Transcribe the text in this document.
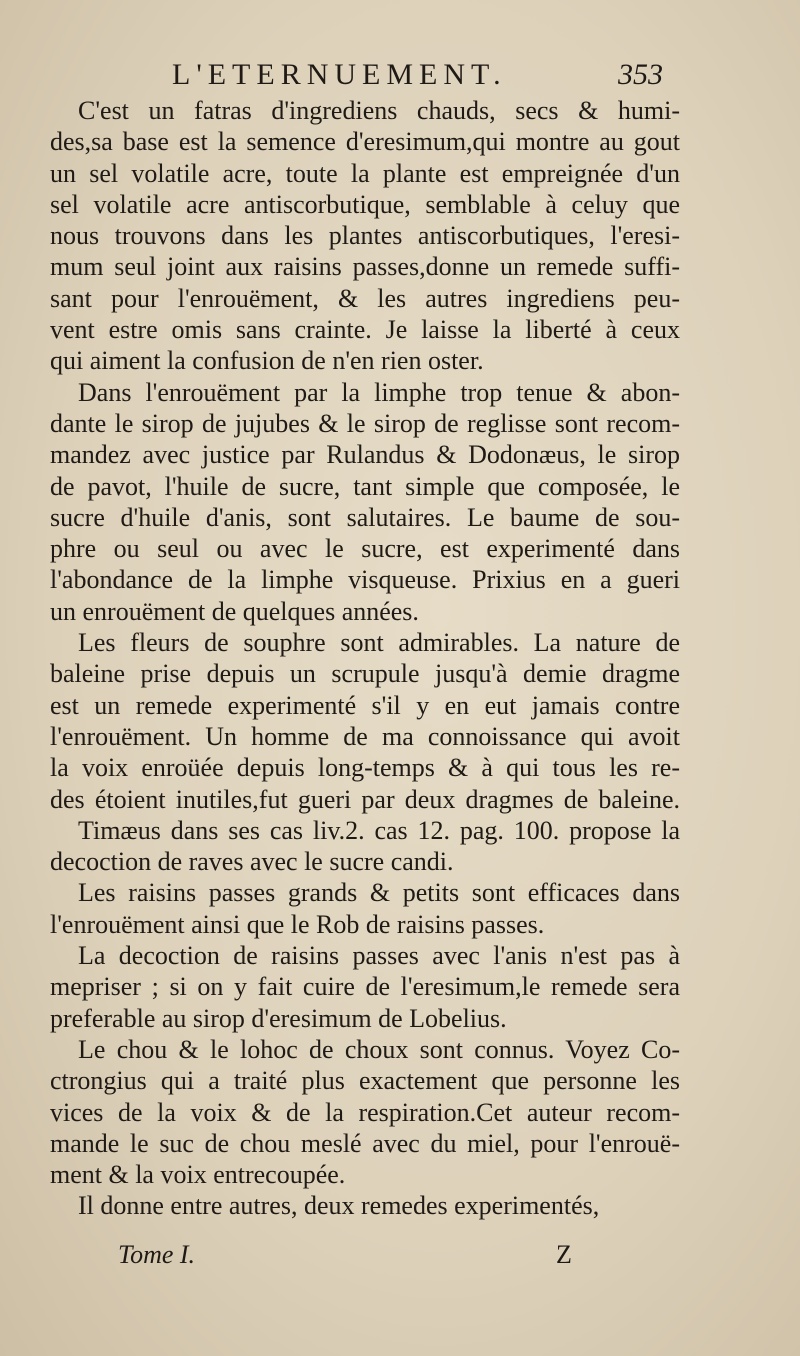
L'ETERNUEMENT.	353
C'est un fatras d'ingrediens chauds, secs & humi-
des,sa base est la semence d'eresimum,qui montre au gout
un sel volatile acre, toute la plante est empreignée d'un
sel volatile acre antiscorbutique, semblable à celuy que
nous trouvons dans les plantes antiscorbutiques, l'eresi-
mum seul joint aux raisins passes,donne un remede suffi-
sant pour l'enrouëment, & les autres ingrediens peu-
vent estre omis sans crainte. Je laisse la liberté à ceux
qui aiment la confusion de n'en rien oster.
Dans l'enrouëment par la limphe trop tenue & abon-
dante le sirop de jujubes & le sirop de reglisse sont recom-
mandez avec justice par Rulandus & Dodonæus, le sirop
de pavot, l'huile de sucre, tant simple que composée, le
sucre d'huile d'anis, sont salutaires. Le baume de sou-
phre ou seul ou avec le sucre, est experimenté dans
l'abondance de la limphe visqueuse. Prixius en a gueri
un enrouëment de quelques années.
Les fleurs de souphre sont admirables. La nature de
baleine prise depuis un scrupule jusqu'à demie dragme
est un remede experimenté s'il y en eut jamais contre
l'enrouëment. Un homme de ma connoissance qui avoit
la voix enroüée depuis long-temps & à qui tous les re-
des étoient inutiles,fut gueri par deux dragmes de baleine.
Timæus dans ses cas liv.2. cas 12. pag. 100. propose la
decoction de raves avec le sucre candi.
Les raisins passes grands & petits sont efficaces dans
l'enrouëment ainsi que le Rob de raisins passes.
La decoction de raisins passes avec l'anis n'est pas à
mepriser ; si on y fait cuire de l'eresimum,le remede sera
preferable au sirop d'eresimum de Lobelius.
Le chou & le lohoc de choux sont connus. Voyez Co-
ctrongius qui a traité plus exactement que personne les
vices de la voix & de la respiration.Cet auteur recom-
mande le suc de chou meslé avec du miel, pour l'enrouë-
ment & la voix entrecoupée.
Il donne entre autres, deux remedes experimentés,
Tome I.	Z
